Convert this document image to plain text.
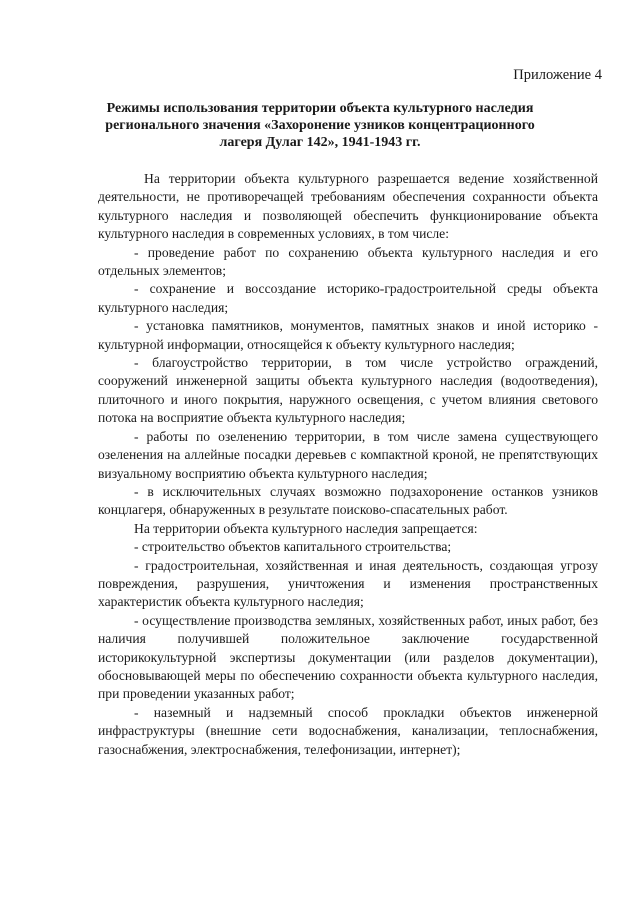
Приложение 4
Режимы использования территории объекта культурного наследия регионального значения «Захоронение узников концентрационного лагеря Дулаг 142», 1941-1943 гг.

На территории объекта культурного разрешается ведение хозяйственной деятельности, не противоречащей требованиям обеспечения сохранности объекта культурного наследия и позволяющей обеспечить функционирование объекта культурного наследия в современных условиях, в том числе:

- проведение работ по сохранению объекта культурного наследия и его отдельных элементов;

- сохранение и воссоздание историко-градостроительной среды объекта культурного наследия;

- установка памятников, монументов, памятных знаков и иной историко - культурной информации, относящейся к объекту культурного наследия;

- благоустройство территории, в том числе устройство ограждений, сооружений инженерной защиты объекта культурного наследия (водоотведения), плиточного и иного покрытия, наружного освещения, с учетом влияния светового потока на восприятие объекта культурного наследия;

- работы по озеленению территории, в том числе замена существующего озеленения на аллейные посадки деревьев с компактной кроной, не препятствующих визуальному восприятию объекта культурного наследия;

- в исключительных случаях возможно подзахоронение останков узников концлагеря, обнаруженных в результате поисково-спасательных работ.

На территории объекта культурного наследия запрещается:

- строительство объектов капитального строительства;

- градостроительная, хозяйственная и иная деятельность, создающая угрозу повреждения, разрушения, уничтожения и изменения пространственных характеристик объекта культурного наследия;

- осуществление производства земляных, хозяйственных работ, иных работ, без наличия получившей положительное заключение государственной историкокультурной экспертизы документации (или разделов документации), обосновывающей меры по обеспечению сохранности объекта культурного наследия, при проведении указанных работ;

- наземный и надземный способ прокладки объектов инженерной инфраструктуры (внешние сети водоснабжения, канализации, теплоснабжения, газоснабжения, электроснабжения, телефонизации, интернет);
